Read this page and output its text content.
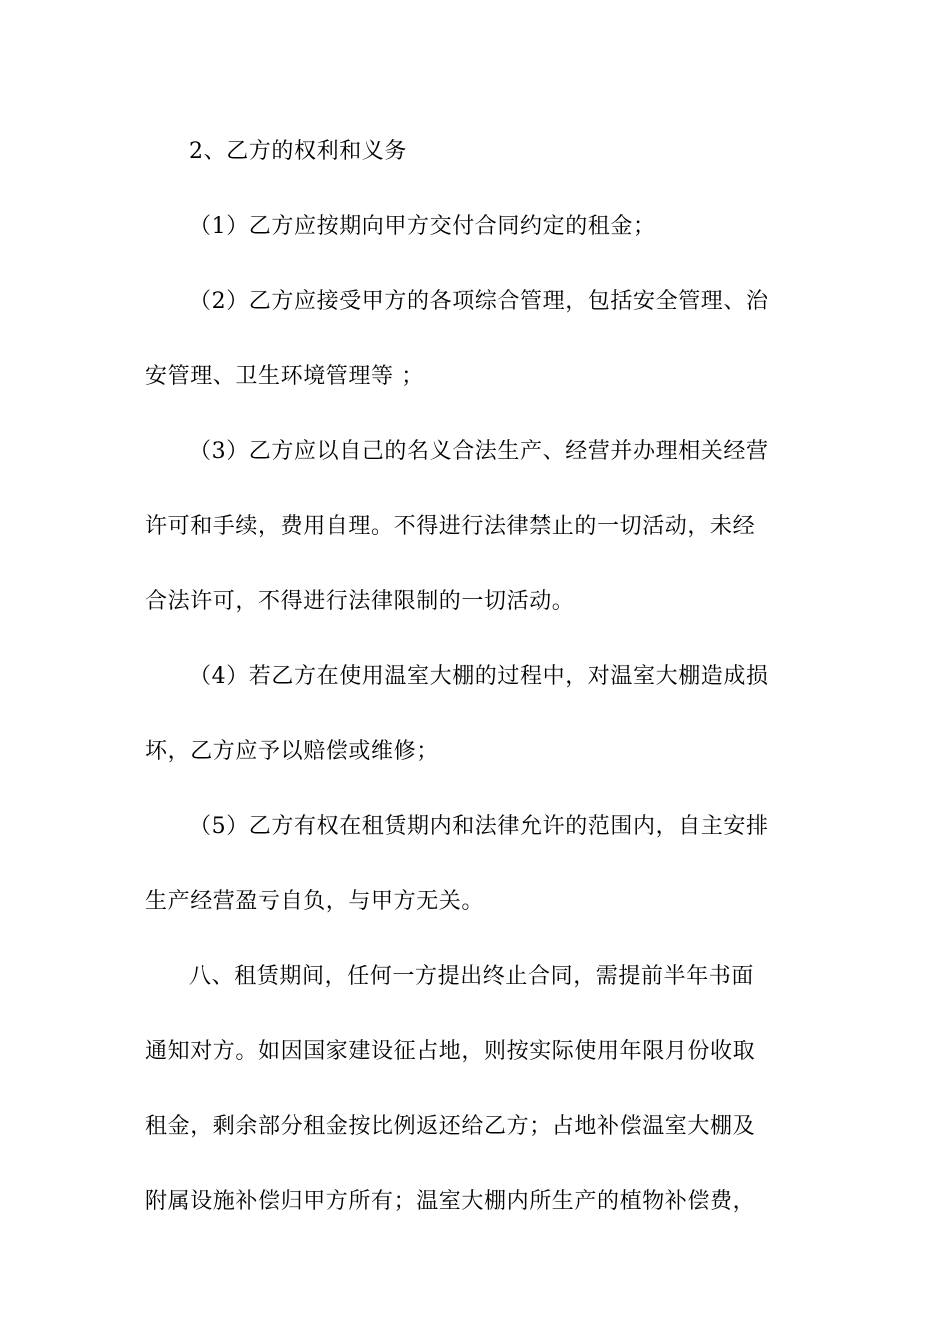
2、乙方的权利和义务
（1）乙方应按期向甲方交付合同约定的租金；
（2）乙方应接受甲方的各项综合管理，包括安全管理、治
安管理、卫生环境管理等 ；
（3）乙方应以自己的名义合法生产、经营并办理相关经营
许可和手续，费用自理。不得进行法律禁止的一切活动，未经
合法许可，不得进行法律限制的一切活动。
（4）若乙方在使用温室大棚的过程中，对温室大棚造成损
坏，乙方应予以赔偿或维修；
（5）乙方有权在租赁期内和法律允许的范围内，自主安排
生产经营盈亏自负，与甲方无关。
八、租赁期间，任何一方提出终止合同，需提前半年书面
通知对方。如因国家建设征占地，则按实际使用年限月份收取
租金，剩余部分租金按比例返还给乙方；占地补偿温室大棚及
附属设施补偿归甲方所有；温室大棚内所生产的植物补偿费，
